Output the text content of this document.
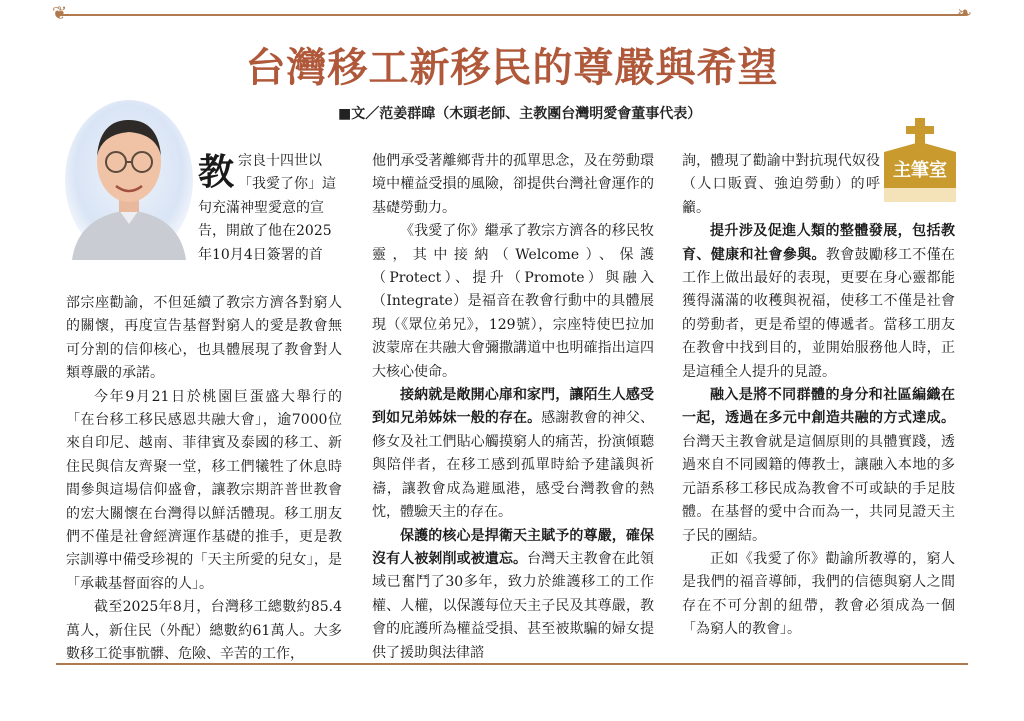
❦	❧
台灣移工新移民的尊嚴與希望
■文／范姜群暐（木頭老師、主教團台灣明愛會董事代表）
主筆室
教宗良十四世以「我愛了你」這句充滿神聖愛意的宣告，開啟了他在2025年10月4日簽署的首

部宗座勸諭，不但延續了教宗方濟各對窮人的關懷，再度宣告基督對窮人的愛是教會無可分割的信仰核心，也具體展現了教會對人類尊嚴的承諾。

今年9月21日於桃園巨蛋盛大舉行的「在台移工移民感恩共融大會」，逾7000位來自印尼、越南、菲律賓及泰國的移工、新住民與信友齊聚一堂，移工們犧牲了休息時間參與這場信仰盛會，讓教宗期許普世教會的宏大關懷在台灣得以鮮活體現。移工朋友們不僅是社會經濟運作基礎的推手，更是教宗訓導中備受珍視的「天主所愛的兒女」，是「承載基督面容的人」。

截至2025年8月，台灣移工總數約85.4萬人，新住民（外配）總數約61萬人。大多數移工從事骯髒、危險、辛苦的工作，

他們承受著離鄉背井的孤單思念，及在勞動環境中權益受損的風險，卻提供台灣社會運作的基礎勞動力。

《我愛了你》繼承了教宗方濟各的移民牧靈，其中接納（Welcome）、保護（Protect）、提升（Promote）與融入（Integrate）是福音在教會行動中的具體展現（《眾位弟兄》，129號），宗座特使巴拉加波蒙席在共融大會彌撒講道中也明確指出這四大核心使命。

接納就是敞開心扉和家門，讓陌生人感受到如兄弟姊妹一般的存在。感謝教會的神父、修女及社工們貼心觸摸窮人的痛苦，扮演傾聽與陪伴者，在移工感到孤單時給予建議與祈禱，讓教會成為避風港，感受台灣教會的熱忱，體驗天主的存在。

保護的核心是捍衛天主賦予的尊嚴，確保沒有人被剝削或被遺忘。台灣天主教會在此領域已奮鬥了30多年，致力於維護移工的工作權、人權，以保護每位天主子民及其尊嚴，教會的庇護所為權益受損、甚至被欺騙的婦女提供了援助與法律諮

詢，體現了勸諭中對抗現代奴役（人口販賣、強迫勞動）的呼籲。

提升涉及促進人類的整體發展，包括教育、健康和社會參與。教會鼓勵移工不僅在工作上做出最好的表現，更要在身心靈都能獲得滿滿的收穫與祝福，使移工不僅是社會的勞動者，更是希望的傳遞者。當移工朋友在教會中找到目的，並開始服務他人時，正是這種全人提升的見證。

融入是將不同群體的身分和社區編織在一起，透過在多元中創造共融的方式達成。台灣天主教會就是這個原則的具體實踐，透過來自不同國籍的傳教士，讓融入本地的多元語系移工移民成為教會不可或缺的手足肢體。在基督的愛中合而為一，共同見證天主子民的團結。

正如《我愛了你》勸諭所教導的，窮人是我們的福音導師，我們的信德與窮人之間存在不可分割的紐帶，教會必須成為一個「為窮人的教會」。
